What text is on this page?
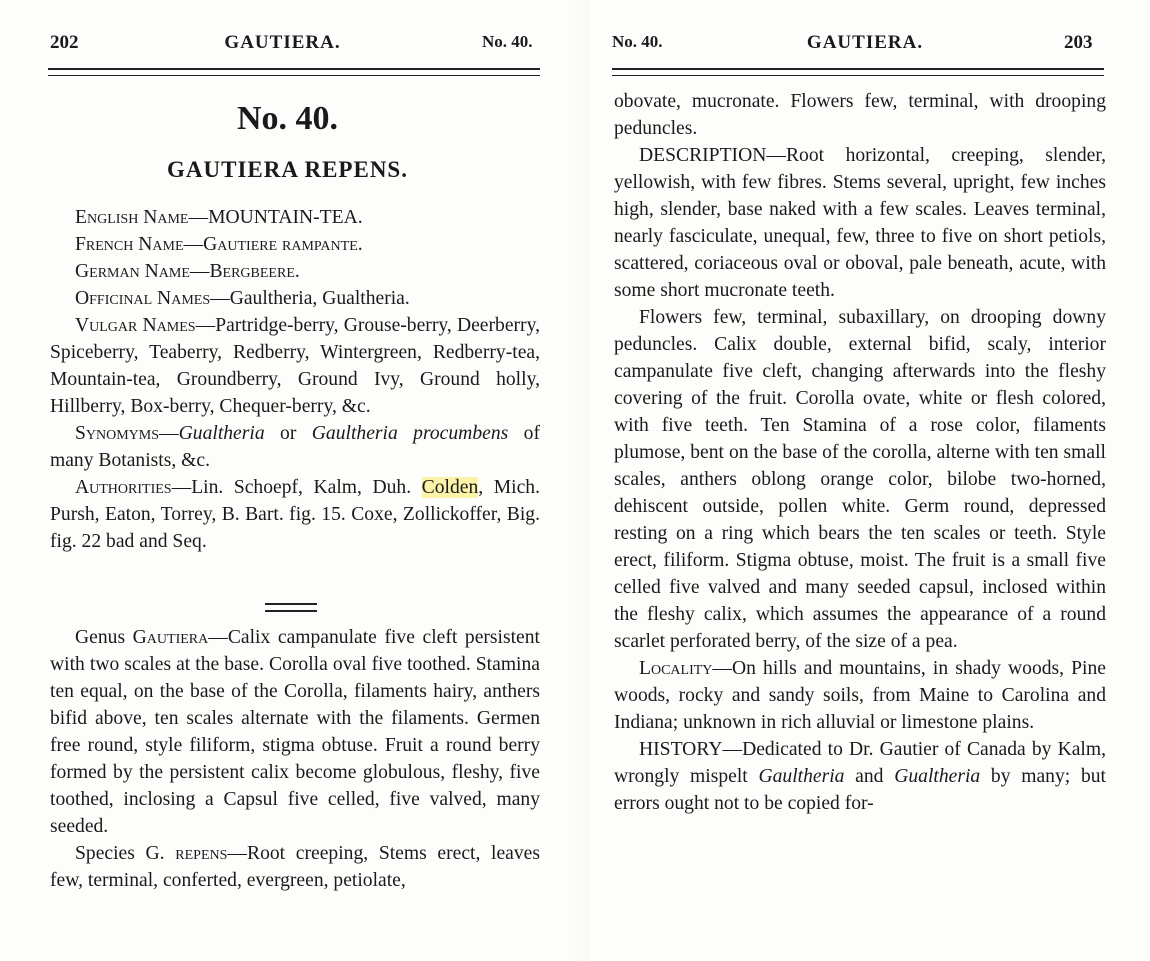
202	GAUTIERA.	No. 40.
No. 40.
GAUTIERA REPENS.

English Name—MOUNTAIN-TEA.

French Name—Gautiere rampante.

German Name—Bergbeere.

Officinal Names—Gaultheria, Gualtheria.

Vulgar Names—Partridge-berry, Grouse-berry, Deerberry, Spiceberry, Teaberry, Redberry, Wintergreen, Redberry-tea, Mountain-tea, Groundberry, Ground Ivy, Ground holly, Hillberry, Box-berry, Chequer-berry, &c.

Synomyms—Gualtheria or Gaultheria procumbens of many Botanists, &c.

Authorities—Lin. Schoepf, Kalm, Duh. Colden, Mich. Pursh, Eaton, Torrey, B. Bart. fig. 15. Coxe, Zollickoffer, Big. fig. 22 bad and Seq.

Genus Gautiera—Calix campanulate five cleft persistent with two scales at the base. Corolla oval five toothed. Stamina ten equal, on the base of the Corolla, filaments hairy, anthers bifid above, ten scales alternate with the filaments. Germen free round, style filiform, stigma obtuse. Fruit a round berry formed by the persistent calix become globulous, fleshy, five toothed, inclosing a Capsul five celled, five valved, many seeded.

Species G. repens—Root creeping, Stems erect, leaves few, terminal, conferted, evergreen, petiolate,

No. 40.	GAUTIERA.	203

obovate, mucronate. Flowers few, terminal, with drooping peduncles.

DESCRIPTION—Root horizontal, creeping, slender, yellowish, with few fibres. Stems several, upright, few inches high, slender, base naked with a few scales. Leaves terminal, nearly fasciculate, unequal, few, three to five on short petiols, scattered, coriaceous oval or oboval, pale beneath, acute, with some short mucronate teeth.

Flowers few, terminal, subaxillary, on drooping downy peduncles. Calix double, external bifid, scaly, interior campanulate five cleft, changing afterwards into the fleshy covering of the fruit. Corolla ovate, white or flesh colored, with five teeth. Ten Stamina of a rose color, filaments plumose, bent on the base of the corolla, alterne with ten small scales, anthers oblong orange color, bilobe two-horned, dehiscent outside, pollen white. Germ round, depressed resting on a ring which bears the ten scales or teeth. Style erect, filiform. Stigma obtuse, moist. The fruit is a small five celled five valved and many seeded capsul, inclosed within the fleshy calix, which assumes the appearance of a round scarlet perforated berry, of the size of a pea.

Locality—On hills and mountains, in shady woods, Pine woods, rocky and sandy soils, from Maine to Carolina and Indiana; unknown in rich alluvial or limestone plains.

HISTORY—Dedicated to Dr. Gautier of Canada by Kalm, wrongly mispelt Gaultheria and Gualtheria by many; but errors ought not to be copied for-
